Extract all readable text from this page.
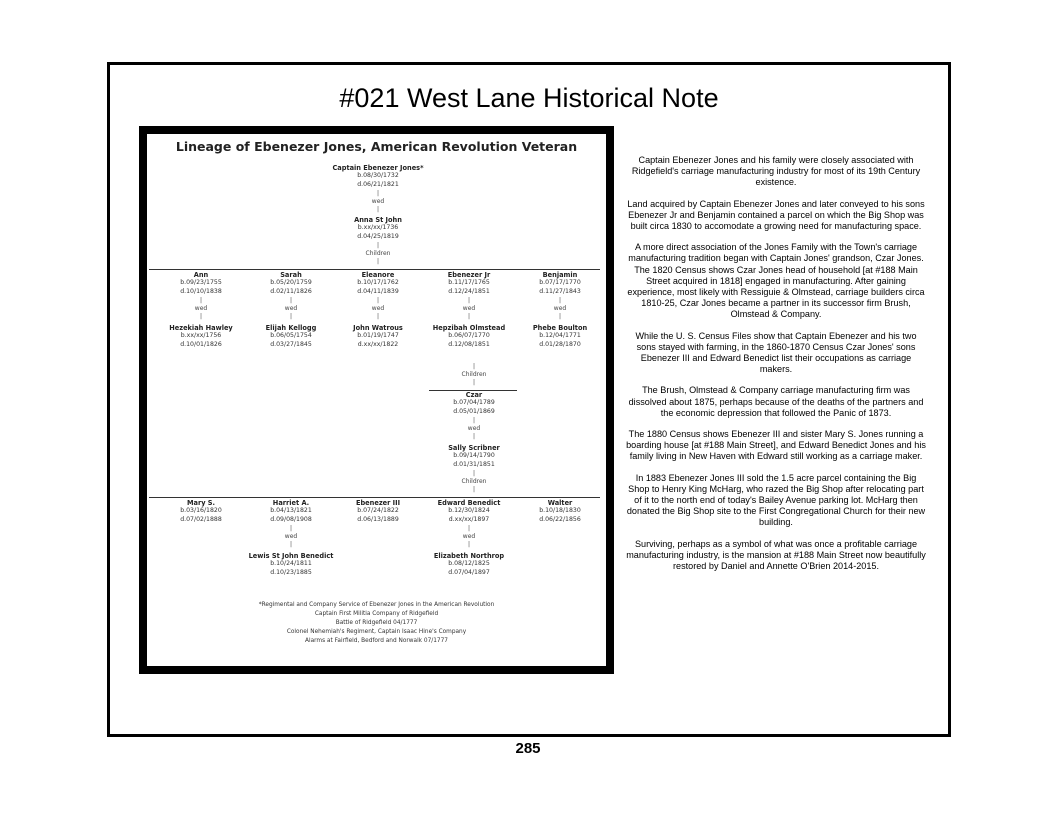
#021 West Lane Historical Note
Lineage of Ebenezer Jones, American Revolution Veteran
Captain Ebenezer Jones*
b.08/30/1732
d.06/21/1821
|
wed
|
Anna St John
b.xx/xx/1736
d.04/25/1819
|
Children
|
Ann
b.09/23/1755
d.10/10/1838
|
wed
|
Hezekiah Hawley
b.xx/xx/1756
d.10/01/1826
Sarah
b.05/20/1759
d.02/11/1826
|
wed
|
Elijah Kellogg
b.06/05/1754
d.03/27/1845
Eleanore
b.10/17/1762
d.04/11/1839
|
wed
|
John Watrous
b.01/19/1747
d.xx/xx/1822
Ebenezer Jr
b.11/17/1765
d.12/24/1851
|
wed
|
Hepzibah Olmstead
b.06/07/1770
d.12/08/1851
Benjamin
b.07/17/1770
d.11/27/1843
|
wed
|
Phebe Boulton
b.12/04/1771
d.01/28/1870
|
Children
|
Czar
b.07/04/1789
d.05/01/1869
|
wed
|
Sally Scribner
b.09/14/1790
d.01/31/1851
|
Children
|
Mary S.
b.03/16/1820
d.07/02/1888
Harriet A.
b.04/13/1821
d.09/08/1908
|
wed
|
Lewis St John Benedict
b.10/24/1811
d.10/23/1885
Ebenezer III
b.07/24/1822
d.06/13/1889
Edward Benedict
b.12/30/1824
d.xx/xx/1897
|
wed
|
Elizabeth Northrop
b.08/12/1825
d.07/04/1897
Walter
b.10/18/1830
d.06/22/1856
*Regimental and Company Service of Ebenezer Jones in the American Revolution
Captain First Militia Company of Ridgefield
Battle of Ridgefield 04/1777
Colonel Nehemiah's Regiment, Captain Isaac Hine's Company
Alarms at Fairfield, Bedford and Norwalk 07/1777

Captain Ebenezer Jones and his family were closely associated with Ridgefield's carriage manufacturing industry for most of its 19th Century existence.

Land acquired by Captain Ebenezer Jones and later conveyed to his sons Ebenezer Jr and Benjamin contained a parcel on which the Big Shop was built circa 1830 to accomodate a growing need for manufacturing space.

A more direct association of the Jones Family with the Town's carriage manufacturing tradition began with Captain Jones' grandson, Czar Jones. The 1820 Census shows Czar Jones head of household [at #188 Main Street acquired in 1818] engaged in manufacturing. After gaining experience, most likely with Ressiguie & Olmstead, carriage builders circa 1810-25, Czar Jones became a partner in its successor firm Brush, Olmstead & Company.

While the U. S. Census Files show that Captain Ebenezer and his two sons stayed with farming, in the 1860-1870 Census Czar Jones' sons Ebenezer III and Edward Benedict list their occupations as carriage makers.

The Brush, Olmstead & Company carriage manufacturing firm was dissolved about 1875, perhaps because of the deaths of the partners and the economic depression that followed the Panic of 1873.

The 1880 Census shows Ebenezer III and sister Mary S. Jones running a boarding house [at #188 Main Street], and Edward Benedict Jones and his family living in New Haven with Edward still working as a carriage maker.

In 1883 Ebenezer Jones III sold the 1.5 acre parcel containing the Big Shop to Henry King McHarg, who razed the Big Shop after relocating part of it to the north end of today's Bailey Avenue parking lot. McHarg then donated the Big Shop site to the First Congregational Church for their new building.

Surviving, perhaps as a symbol of what was once a profitable carriage manufacturing industry, is the mansion at #188 Main Street now beautifully restored by Daniel and Annette O'Brien 2014-2015.

285
